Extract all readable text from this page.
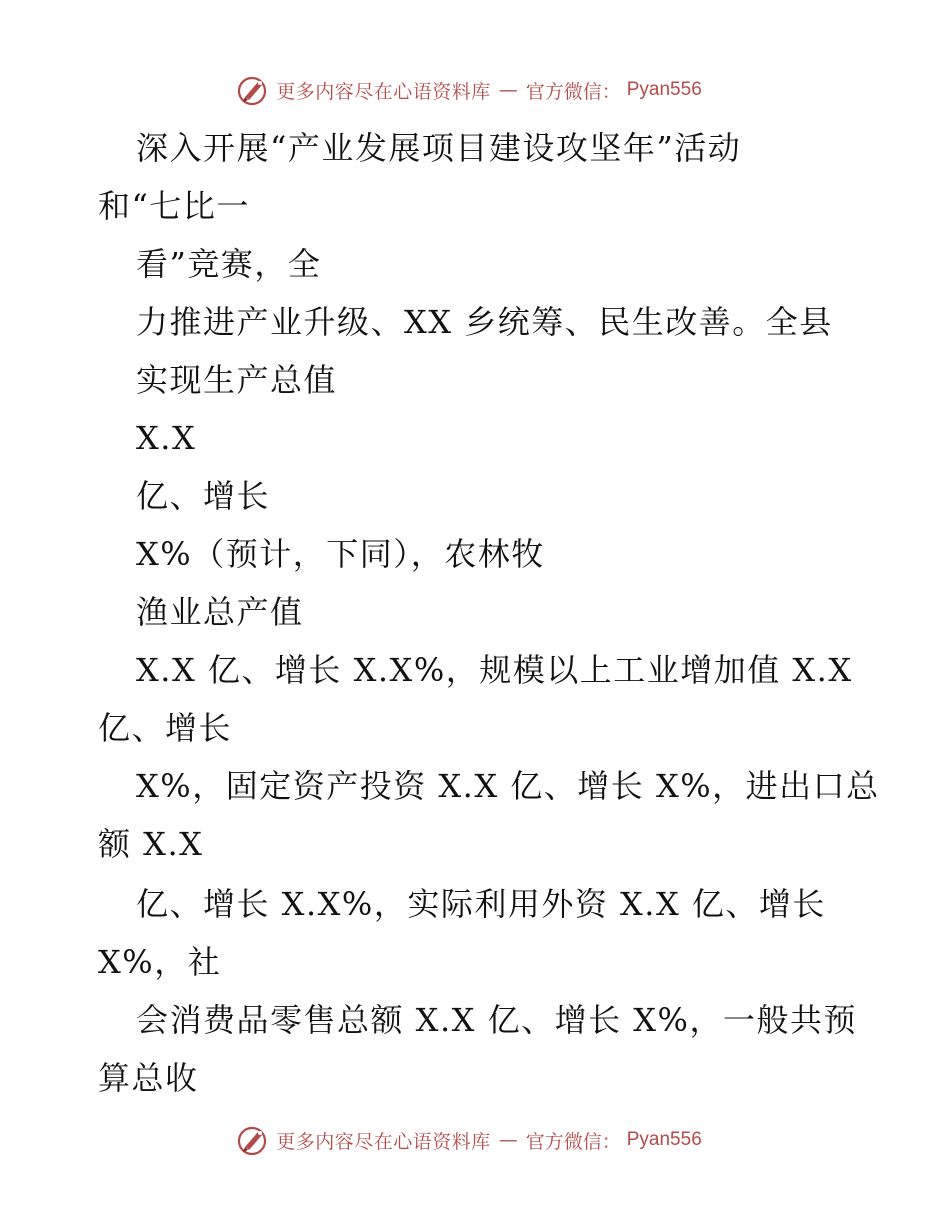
更多内容尽在心语资料库 — 官方微信： Pyan556
深入开展“产业发展项目建设攻坚年”活动
和“七比一
看”竞赛，全
力推进产业升级、XX 乡统筹、民生改善。全县
实现生产总值
X.X
亿、增长
X%（预计，下同），农林牧
渔业总产值
X.X 亿、增长 X.X%，规模以上工业增加值 X.X
亿、增长
X%，固定资产投资 X.X 亿、增长 X%，进出口总
额 X.X
亿、增长 X.X%，实际利用外资 X.X 亿、增长
X%，社
会消费品零售总额 X.X 亿、增长 X%，一般共预
算总收
更多内容尽在心语资料库 — 官方微信： Pyan556
